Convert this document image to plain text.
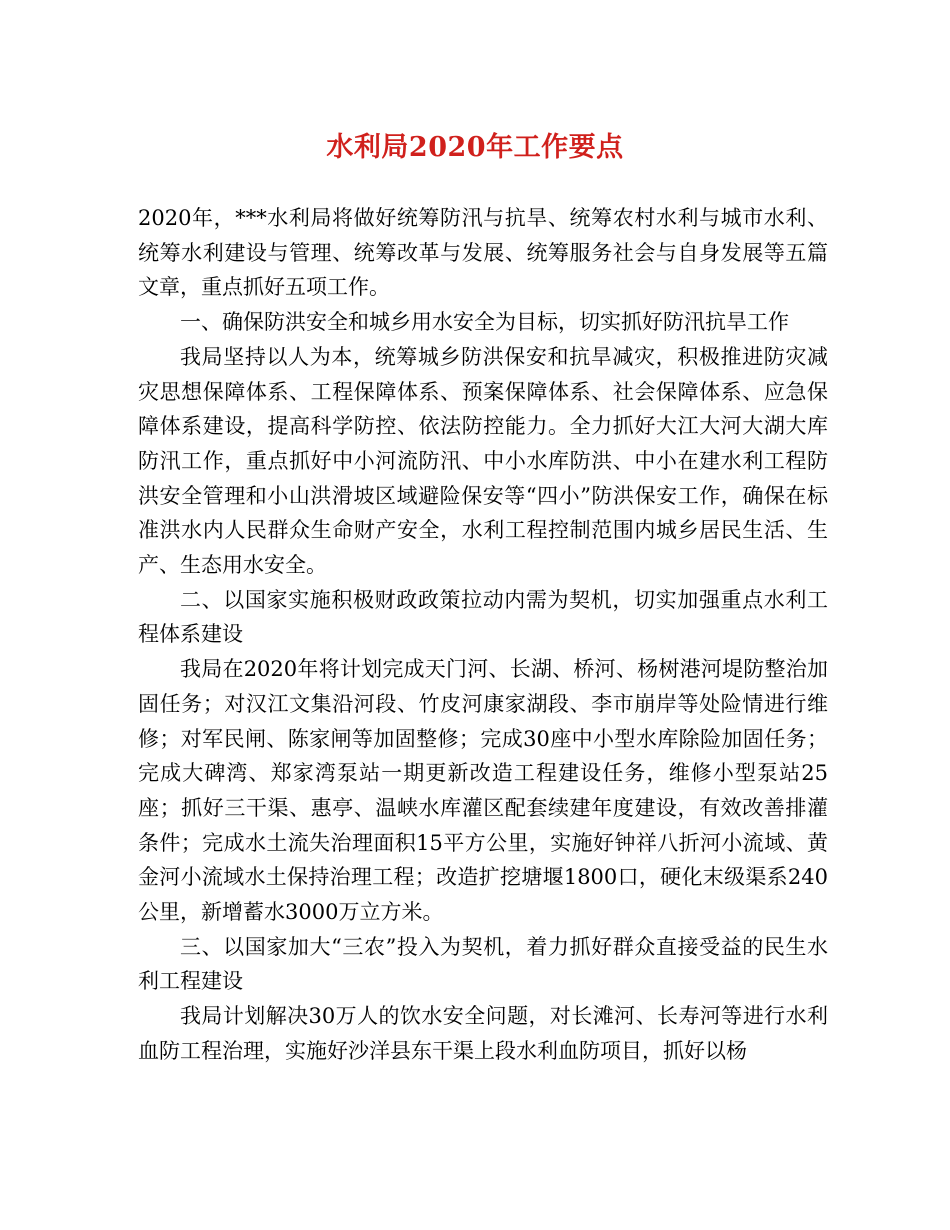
水利局2020年工作要点

2020年，***水利局将做好统筹防汛与抗旱、统筹农村水利与城市水利、统筹水利建设与管理、统筹改革与发展、统筹服务社会与自身发展等五篇文章，重点抓好五项工作。

一、确保防洪安全和城乡用水安全为目标，切实抓好防汛抗旱工作

我局坚持以人为本，统筹城乡防洪保安和抗旱减灾，积极推进防灾减灾思想保障体系、工程保障体系、预案保障体系、社会保障体系、应急保障体系建设，提高科学防控、依法防控能力。全力抓好大江大河大湖大库防汛工作，重点抓好中小河流防汛、中小水库防洪、中小在建水利工程防洪安全管理和小山洪滑坡区域避险保安等“四小”防洪保安工作，确保在标准洪水内人民群众生命财产安全，水利工程控制范围内城乡居民生活、生产、生态用水安全。

二、以国家实施积极财政政策拉动内需为契机，切实加强重点水利工程体系建设

我局在2020年将计划完成天门河、长湖、桥河、杨树港河堤防整治加固任务；对汉江文集沿河段、竹皮河康家湖段、李市崩岸等处险情进行维修；对军民闸、陈家闸等加固整修；完成30座中小型水库除险加固任务；完成大碑湾、郑家湾泵站一期更新改造工程建设任务，维修小型泵站25座；抓好三干渠、惠亭、温峡水库灌区配套续建年度建设，有效改善排灌条件；完成水土流失治理面积15平方公里，实施好钟祥八折河小流域、黄金河小流域水土保持治理工程；改造扩挖塘堰1800口，硬化末级渠系240公里，新增蓄水3000万立方米。

三、以国家加大“三农”投入为契机，着力抓好群众直接受益的民生水利工程建设

我局计划解决30万人的饮水安全问题，对长滩河、长寿河等进行水利血防工程治理，实施好沙洋县东干渠上段水利血防项目，抓好以杨
